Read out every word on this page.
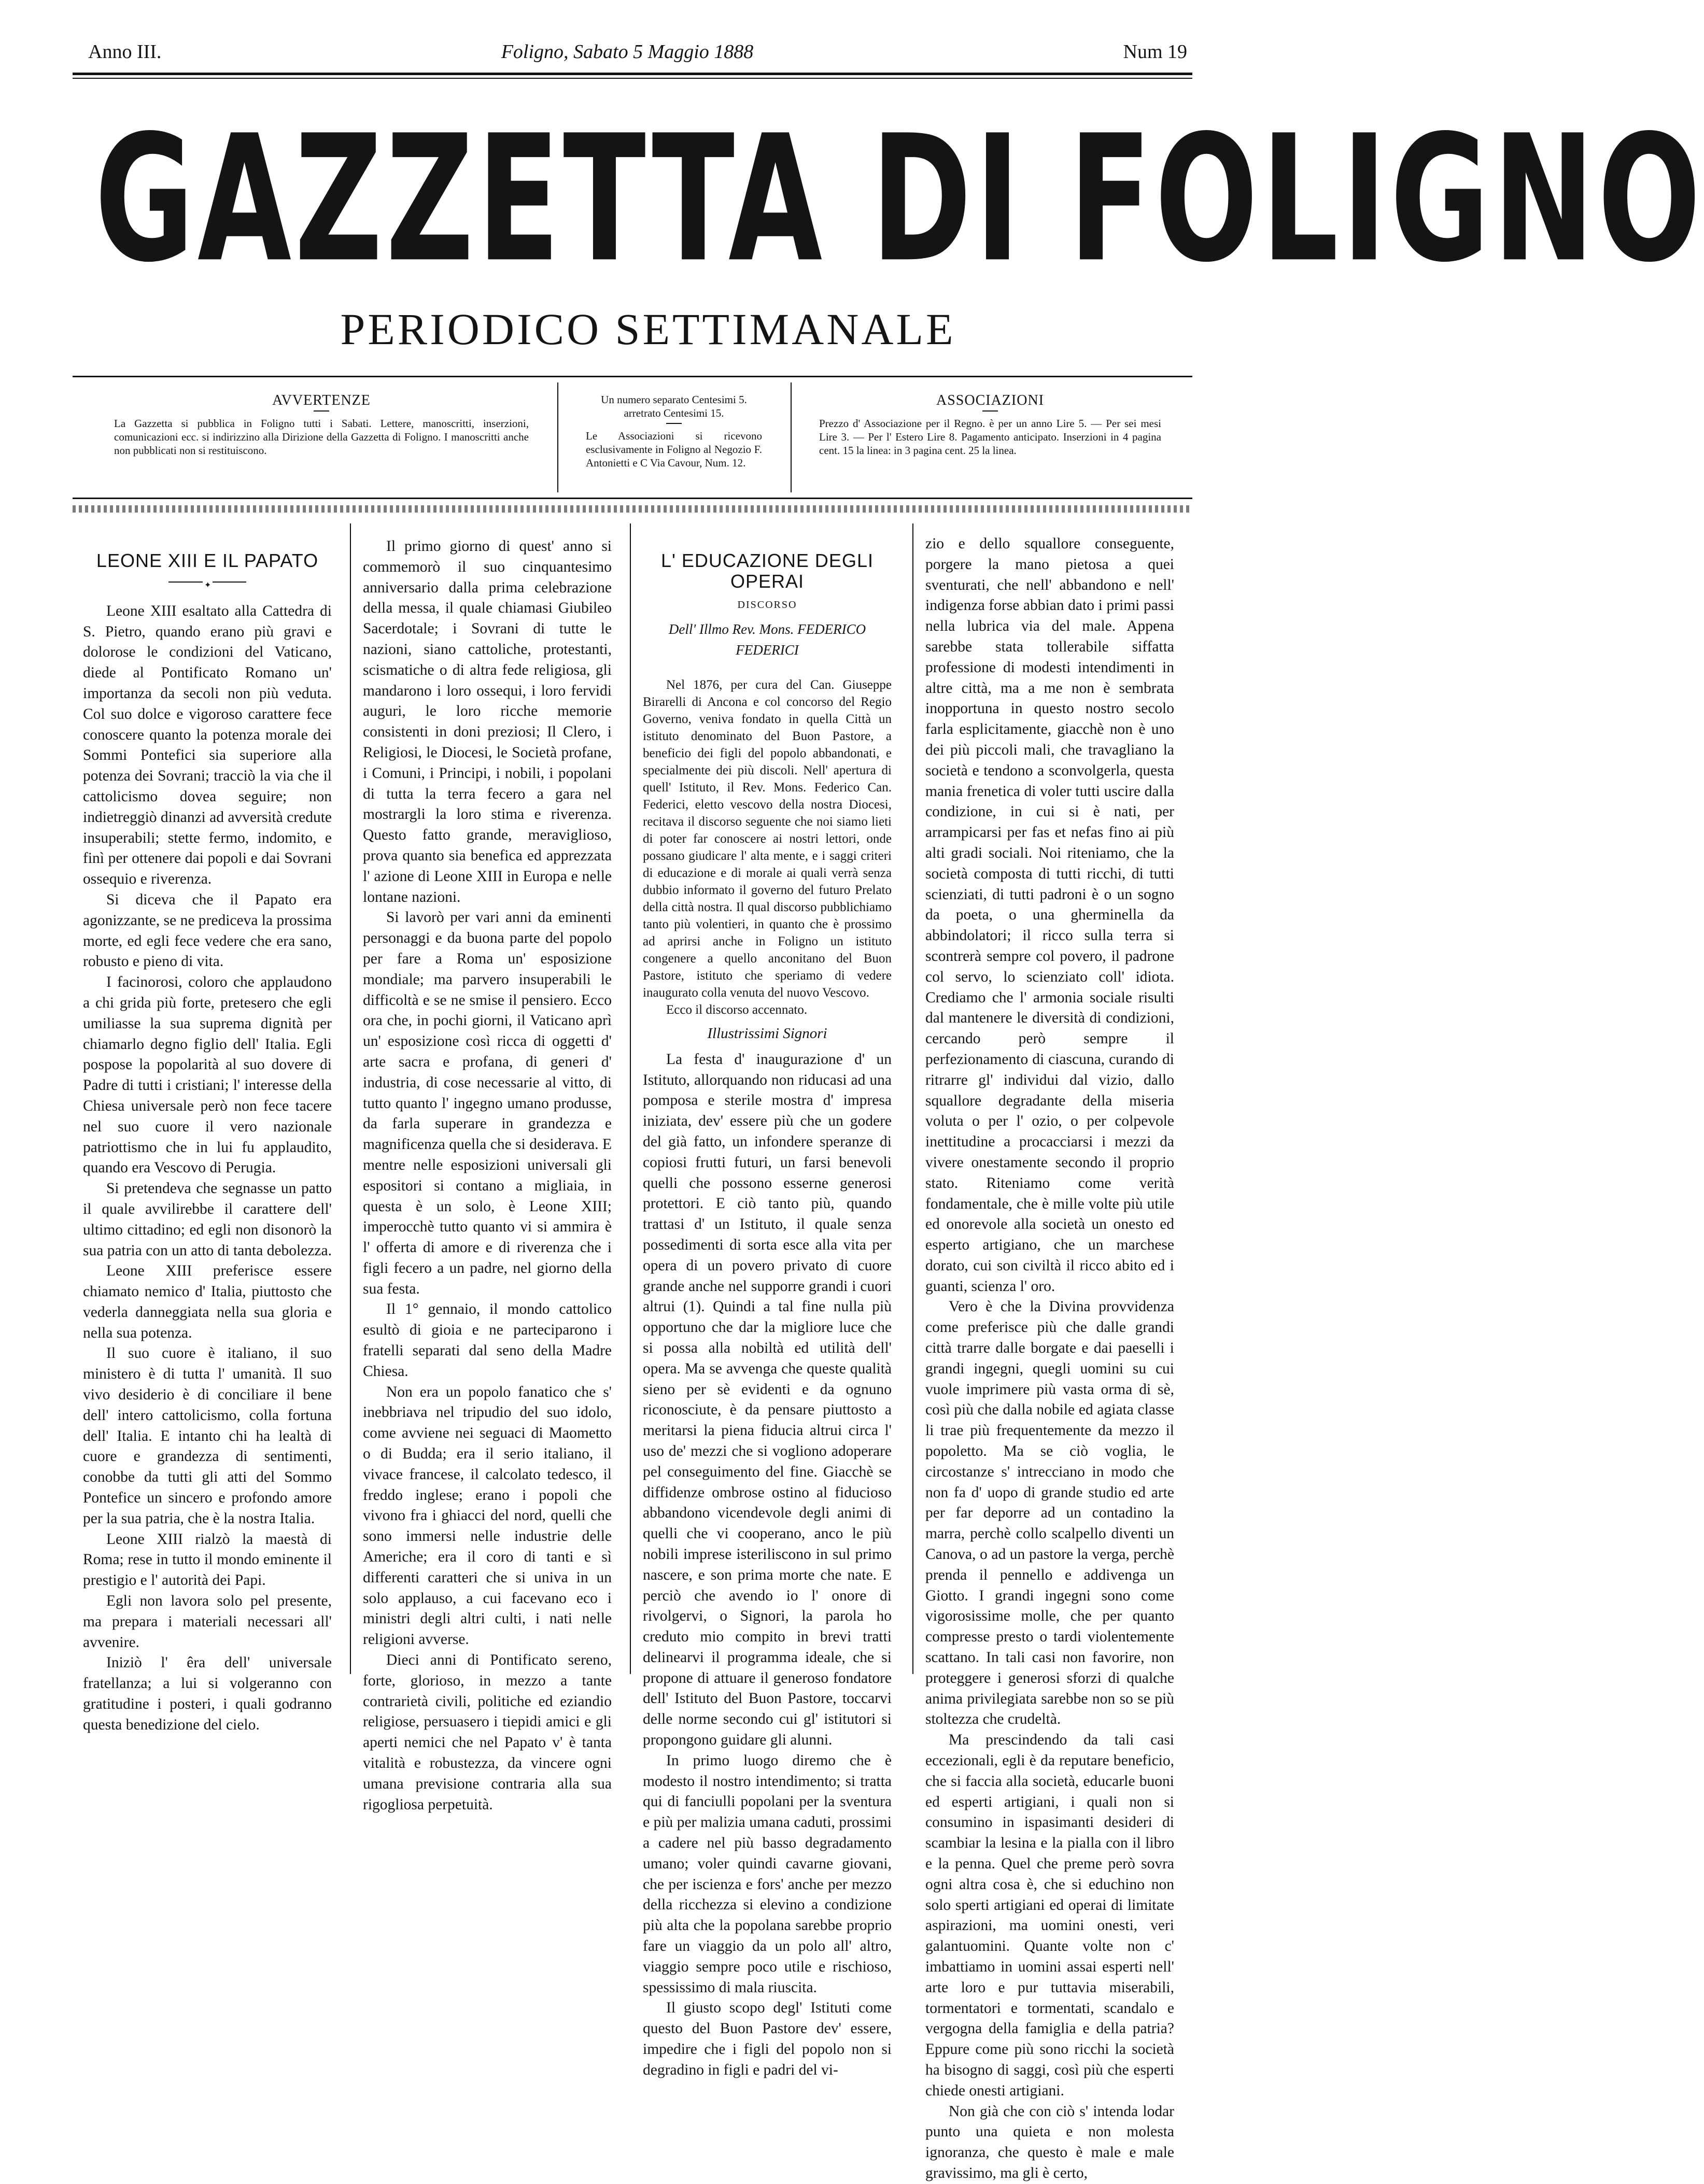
Anno III.	Foligno, Sabato 5 Maggio 1888	Num 19
GAZZETTA DI FOLIGNO
PERIODICO SETTIMANALE
AVVERTENZE
La Gazzetta si pubblica in Foligno tutti i Sabati. Lettere, manoscritti, inserzioni, comunicazioni ecc. si indirizzino alla Dirizione della Gazzetta di Foligno. I manoscritti anche non pubblicati non si restituiscono.
Un numero separato Centesimi 5. arretrato Centesimi 15.
Le Associazioni si ricevono esclusivamente in Foligno al Negozio F. Antonietti e C Via Cavour, Num. 12.
ASSOCIAZIONI
Prezzo d' Associazione per il Regno. è per un anno Lire 5. — Per sei mesi Lire 3. — Per l' Estero Lire 8. Pagamento anticipato. Inserzioni in 4 pagina cent. 15 la linea: in 3 pagina cent. 25 la linea.
LEONE XIII E IL PAPATO
✦

Leone XIII esaltato alla Cattedra di S. Pietro, quando erano più gravi e dolorose le condizioni del Vaticano, diede al Pontificato Romano un' importanza da secoli non più veduta. Col suo dolce e vigoroso carattere fece conoscere quanto la potenza morale dei Sommi Pontefici sia superiore alla potenza dei Sovrani; tracciò la via che il cattolicismo dovea seguire; non indietreggiò dinanzi ad avversità credute insuperabili; stette fermo, indomito, e finì per ottenere dai popoli e dai Sovrani ossequio e riverenza.

Si diceva che il Papato era agonizzante, se ne prediceva la prossima morte, ed egli fece vedere che era sano, robusto e pieno di vita.

I facinorosi, coloro che applaudono a chi grida più forte, pretesero che egli umiliasse la sua suprema dignità per chiamarlo degno figlio dell' Italia. Egli pospose la popolarità al suo dovere di Padre di tutti i cristiani; l' interesse della Chiesa universale però non fece tacere nel suo cuore il vero nazionale patriottismo che in lui fu applaudito, quando era Vescovo di Perugia.

Si pretendeva che segnasse un patto il quale avvilirebbe il carattere dell' ultimo cittadino; ed egli non disonorò la sua patria con un atto di tanta debolezza.

Leone XIII preferisce essere chiamato nemico d' Italia, piuttosto che vederla danneggiata nella sua gloria e nella sua potenza.

Il suo cuore è italiano, il suo ministero è di tutta l' umanità. Il suo vivo desiderio è di conciliare il bene dell' intero cattolicismo, colla fortuna dell' Italia. E intanto chi ha lealtà di cuore e grandezza di sentimenti, conobbe da tutti gli atti del Sommo Pontefice un sincero e profondo amore per la sua patria, che è la nostra Italia.

Leone XIII rialzò la maestà di Roma; rese in tutto il mondo eminente il prestigio e l' autorità dei Papi.

Egli non lavora solo pel presente, ma prepara i materiali necessari all' avvenire.

Iniziò l' êra dell' universale fratellanza; a lui si volgeranno con gratitudine i posteri, i quali godranno questa benedizione del cielo.

Il primo giorno di quest' anno si commemorò il suo cinquantesimo anniversario dalla prima celebrazione della messa, il quale chiamasi Giubileo Sacerdotale; i Sovrani di tutte le nazioni, siano cattoliche, protestanti, scismatiche o di altra fede religiosa, gli mandarono i loro ossequi, i loro fervidi auguri, le loro ricche memorie consistenti in doni preziosi; Il Clero, i Religiosi, le Diocesi, le Società profane, i Comuni, i Principi, i nobili, i popolani di tutta la terra fecero a gara nel mostrargli la loro stima e riverenza. Questo fatto grande, meraviglioso, prova quanto sia benefica ed apprezzata l' azione di Leone XIII in Europa e nelle lontane nazioni.

Si lavorò per vari anni da eminenti personaggi e da buona parte del popolo per fare a Roma un' esposizione mondiale; ma parvero insuperabili le difficoltà e se ne smise il pensiero. Ecco ora che, in pochi giorni, il Vaticano aprì un' esposizione così ricca di oggetti d' arte sacra e profana, di generi d' industria, di cose necessarie al vitto, di tutto quanto l' ingegno umano produsse, da farla superare in grandezza e magnificenza quella che si desiderava. E mentre nelle esposizioni universali gli espositori si contano a migliaia, in questa è un solo, è Leone XIII; imperocchè tutto quanto vi si ammira è l' offerta di amore e di riverenza che i figli fecero a un padre, nel giorno della sua festa.

Il 1° gennaio, il mondo cattolico esultò di gioia e ne parteciparono i fratelli separati dal seno della Madre Chiesa.

Non era un popolo fanatico che s' inebbriava nel tripudio del suo idolo, come avviene nei seguaci di Maometto o di Budda; era il serio italiano, il vivace francese, il calcolato tedesco, il freddo inglese; erano i popoli che vivono fra i ghiacci del nord, quelli che sono immersi nelle industrie delle Americhe; era il coro di tanti e sì differenti caratteri che si univa in un solo applauso, a cui facevano eco i ministri degli altri culti, i nati nelle religioni avverse.

Dieci anni di Pontificato sereno, forte, glorioso, in mezzo a tante contrarietà civili, politiche ed eziandio religiose, persuasero i tiepidi amici e gli aperti nemici che nel Papato v' è tanta vitalità e robustezza, da vincere ogni umana previsione contraria alla sua rigogliosa perpetuità.

L' EDUCAZIONE DEGLI OPERAI
DISCORSO
Dell' Illmo Rev. Mons. FEDERICO FEDERICI

Nel 1876, per cura del Can. Giuseppe Birarelli di Ancona e col concorso del Regio Governo, veniva fondato in quella Città un istituto denominato del Buon Pastore, a beneficio dei figli del popolo abbandonati, e specialmente dei più discoli. Nell' apertura di quell' Istituto, il Rev. Mons. Federico Can. Federici, eletto vescovo della nostra Diocesi, recitava il discorso seguente che noi siamo lieti di poter far conoscere ai nostri lettori, onde possano giudicare l' alta mente, e i saggi criteri di educazione e di morale ai quali verrà senza dubbio informato il governo del futuro Prelato della città nostra. Il qual discorso pubblichiamo tanto più volentieri, in quanto che è prossimo ad aprirsi anche in Foligno un istituto congenere a quello anconitano del Buon Pastore, istituto che speriamo di vedere inaugurato colla venuta del nuovo Vescovo.

Ecco il discorso accennato.

Illustrissimi Signori

La festa d' inaugurazione d' un Istituto, allorquando non riducasi ad una pomposa e sterile mostra d' impresa iniziata, dev' essere più che un godere del già fatto, un infondere speranze di copiosi frutti futuri, un farsi benevoli quelli che possono esserne generosi protettori. E ciò tanto più, quando trattasi d' un Istituto, il quale senza possedimenti di sorta esce alla vita per opera di un povero privato di cuore grande anche nel supporre grandi i cuori altrui (1). Quindi a tal fine nulla più opportuno che dar la migliore luce che si possa alla nobiltà ed utilità dell' opera. Ma se avvenga che queste qualità sieno per sè evidenti e da ognuno riconosciute, è da pensare piuttosto a meritarsi la piena fiducia altrui circa l' uso de' mezzi che si vogliono adoperare pel conseguimento del fine. Giacchè se diffidenze ombrose ostino al fiducioso abbandono vicendevole degli animi di quelli che vi cooperano, anco le più nobili imprese isteriliscono in sul primo nascere, e son prima morte che nate. E perciò che avendo io l' onore di rivolgervi, o Signori, la parola ho creduto mio compito in brevi tratti delinearvi il programma ideale, che si propone di attuare il generoso fondatore dell' Istituto del Buon Pastore, toccarvi delle norme secondo cui gl' istitutori si propongono guidare gli alunni.

In primo luogo diremo che è modesto il nostro intendimento; si tratta qui di fanciulli popolani per la sventura e più per malizia umana caduti, prossimi a cadere nel più basso degradamento umano; voler quindi cavarne giovani, che per iscienza e fors' anche per mezzo della ricchezza si elevino a condizione più alta che la popolana sarebbe proprio fare un viaggio da un polo all' altro, viaggio sempre poco utile e rischioso, spessissimo di mala riuscita.

Il giusto scopo degl' Istituti come questo del Buon Pastore dev' essere, impedire che i figli del popolo non si degradino in figli e padri del vi-

zio e dello squallore conseguente, porgere la mano pietosa a quei sventurati, che nell' abbandono e nell' indigenza forse abbian dato i primi passi nella lubrica via del male. Appena sarebbe stata tollerabile siffatta professione di modesti intendimenti in altre città, ma a me non è sembrata inopportuna in questo nostro secolo farla esplicitamente, giacchè non è uno dei più piccoli mali, che travagliano la società e tendono a sconvolgerla, questa mania frenetica di voler tutti uscire dalla condizione, in cui si è nati, per arrampicarsi per fas et nefas fino ai più alti gradi sociali. Noi riteniamo, che la società composta di tutti ricchi, di tutti scienziati, di tutti padroni è o un sogno da poeta, o una gherminella da abbindolatori; il ricco sulla terra si scontrerà sempre col povero, il padrone col servo, lo scienziato coll' idiota. Crediamo che l' armonia sociale risulti dal mantenere le diversità di condizioni, cercando però sempre il perfezionamento di ciascuna, curando di ritrarre gl' individui dal vizio, dallo squallore degradante della miseria voluta o per l' ozio, o per colpevole inettitudine a procacciarsi i mezzi da vivere onestamente secondo il proprio stato. Riteniamo come verità fondamentale, che è mille volte più utile ed onorevole alla società un onesto ed esperto artigiano, che un marchese dorato, cui son civiltà il ricco abito ed i guanti, scienza l' oro.

Vero è che la Divina provvidenza come preferisce più che dalle grandi città trarre dalle borgate e dai paeselli i grandi ingegni, quegli uomini su cui vuole imprimere più vasta orma di sè, così più che dalla nobile ed agiata classe li trae più frequentemente da mezzo il popoletto. Ma se ciò voglia, le circostanze s' intrecciano in modo che non fa d' uopo di grande studio ed arte per far deporre ad un contadino la marra, perchè collo scalpello diventi un Canova, o ad un pastore la verga, perchè prenda il pennello e addivenga un Giotto. I grandi ingegni sono come vigorosissime molle, che per quanto compresse presto o tardi violentemente scattano. In tali casi non favorire, non proteggere i generosi sforzi di qualche anima privilegiata sarebbe non so se più stoltezza che crudeltà.

Ma prescindendo da tali casi eccezionali, egli è da reputare beneficio, che si faccia alla società, educarle buoni ed esperti artigiani, i quali non si consumino in ispasimanti desideri di scambiar la lesina e la pialla con il libro e la penna. Quel che preme però sovra ogni altra cosa è, che si educhino non solo sperti artigiani ed operai di limitate aspirazioni, ma uomini onesti, veri galantuomini. Quante volte non c' imbattiamo in uomini assai esperti nell' arte loro e pur tuttavia miserabili, tormentatori e tormentati, scandalo e vergogna della famiglia e della patria? Eppure come più sono ricchi la società ha bisogno di saggi, così più che esperti chiede onesti artigiani.

Non già che con ciò s' intenda lodar punto una quieta e non molesta ignoranza, che questo è male e male gravissimo, ma gli è certo,
